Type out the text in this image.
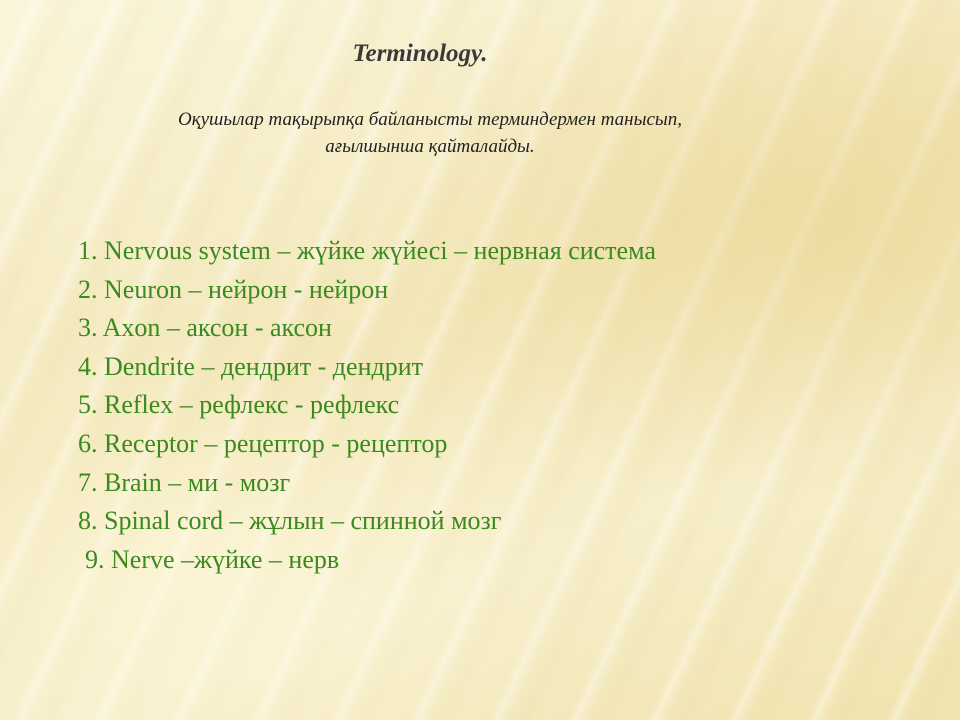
Terminology.
Оқушылар тақырыпқа байланысты терминдермен танысып,
ағылшынша қайталайды.
1. Nervous system – жүйке жүйесі – нервная система
2. Neuron – нейрон - нейрон
3. Axon – аксон - аксон
4. Dendrite – дендрит - дендрит
5. Reflex – рефлекс - рефлекс
6. Receptor – рецептор - рецептор
7. Brain – ми - мозг
8. Spinal cord – жұлын – спинной мозг
9. Nerve –жүйке – нерв
